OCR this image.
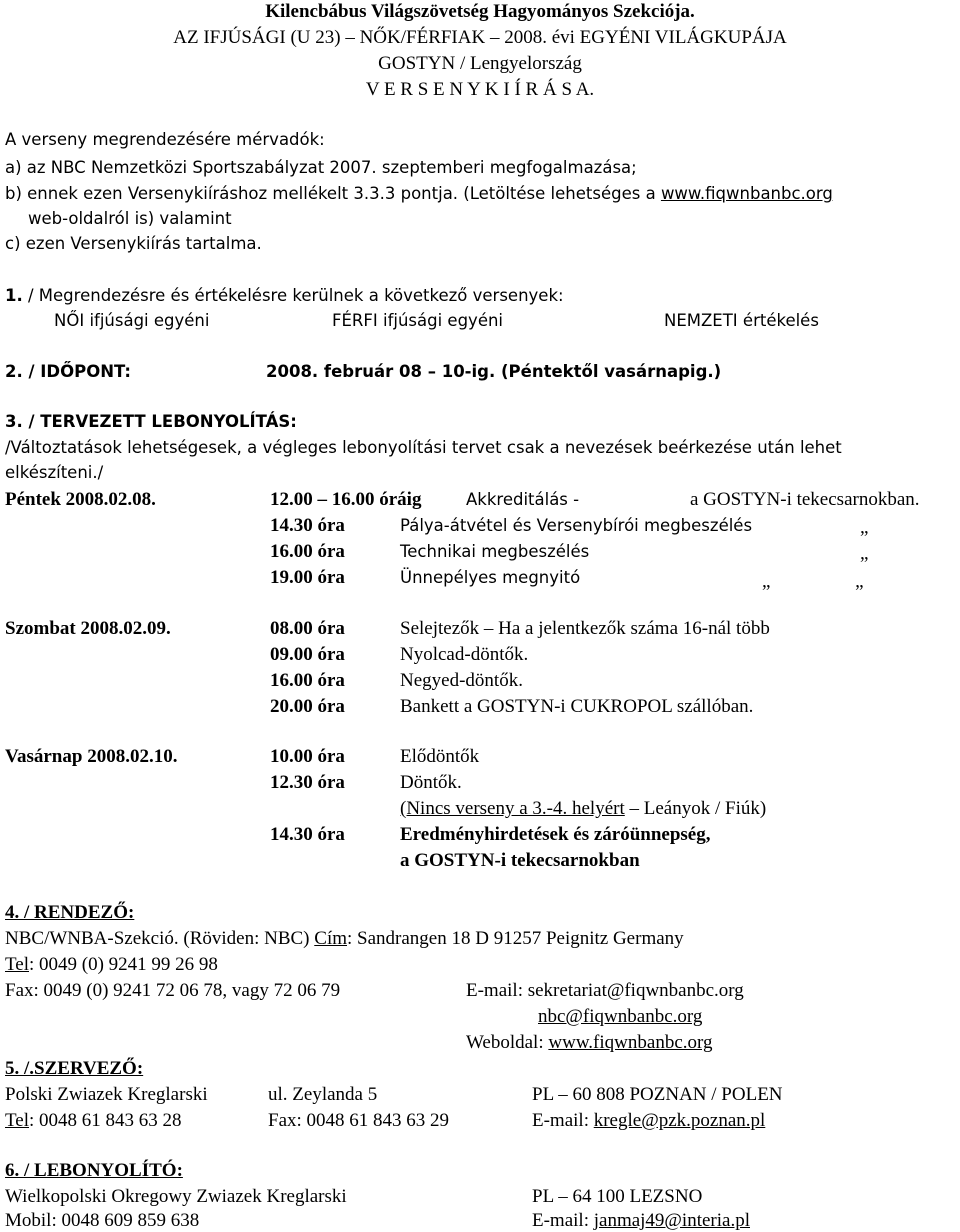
Kilencbábus Világszövetség Hagyományos Szekciója.
AZ IFJÚSÁGI (U 23) – NŐK/FÉRFIAK – 2008. évi EGYÉNI VILÁGKUPÁJA
GOSTYN / Lengyelország
V E R S E N Y K I Í R Á S A.
A verseny megrendezésére mérvadók:
a) az NBC Nemzetközi Sportszabályzat 2007. szeptemberi megfogalmazása;
b) ennek ezen Versenykiíráshoz mellékelt 3.3.3 pontja. (Letöltése lehetséges a www.fiqwnbanbc.org
web-oldalról is) valamint
c) ezen Versenykiírás tartalma.
1. / Megrendezésre és értékelésre kerülnek a következő versenyek:
NŐI ifjúsági egyéni	FÉRFI ifjúsági egyéni	NEMZETI értékelés
2. / IDŐPONT:	2008. február 08 – 10-ig. (Péntektől vasárnapig.)
3. / TERVEZETT LEBONYOLÍTÁS:
/Változtatások lehetségesek, a végleges lebonyolítási tervet csak a nevezések beérkezése után lehet
elkészíteni./
Péntek 2008.02.08.	12.00 – 16.00 óráig	Akkreditálás -	a GOSTYN-i tekecsarnokban.
14.30 óra	Pálya-átvétel és Versenybírói megbeszélés	„
16.00 óra	Technikai megbeszélés	„
19.00 óra	Ünnepélyes megnyitó	„ „
Szombat 2008.02.09.	08.00 óra	Selejtezők – Ha a jelentkezők száma 16-nál több
09.00 óra	Nyolcad-döntők.
16.00 óra	Negyed-döntők.
20.00 óra	Bankett a GOSTYN-i CUKROPOL szállóban.
Vasárnap 2008.02.10.	10.00 óra	Elődöntők
12.30 óra	Döntők.
(Nincs verseny a 3.-4. helyért – Leányok / Fiúk)
14.30 óra	Eredményhirdetések és záróünnepség,
a GOSTYN-i tekecsarnokban
4. / RENDEZŐ:
NBC/WNBA-Szekció. (Röviden: NBC) Cím: Sandrangen 18 D 91257 Peignitz Germany
Tel: 0049 (0) 9241 99 26 98
Fax: 0049 (0) 9241 72 06 78, vagy 72 06 79	E-mail: sekretariat@fiqwnbanbc.org
nbc@fiqwnbanbc.org
Weboldal: www.fiqwnbanbc.org
5. /.SZERVEZŐ:
Polski Zwiazek Kreglarski	ul. Zeylanda 5	PL – 60 808 POZNAN / POLEN
Tel: 0048 61 843 63 28	Fax: 0048 61 843 63 29	E-mail: kregle@pzk.poznan.pl
6. / LEBONYOLÍTÓ:
Wielkopolski Okregowy Zwiazek Kreglarski	PL – 64 100 LEZSNO
Mobil: 0048 609 859 638	E-mail: janmaj49@interia.pl
